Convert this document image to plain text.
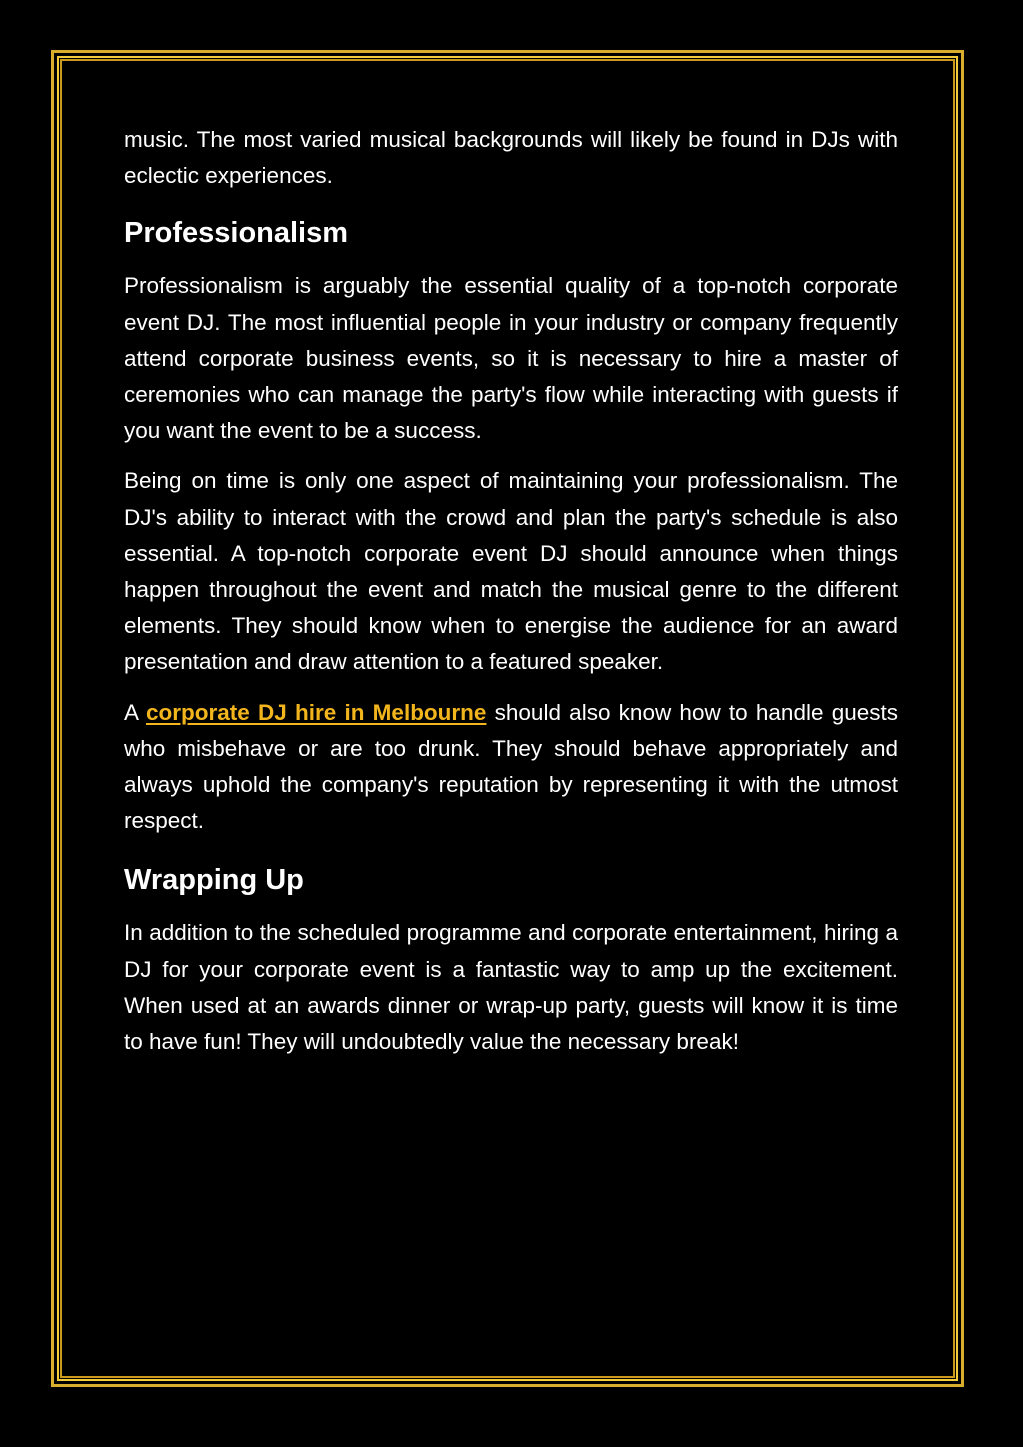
music. The most varied musical backgrounds will likely be found in DJs with eclectic experiences.

Professionalism

Professionalism is arguably the essential quality of a top-notch corporate event DJ. The most influential people in your industry or company frequently attend corporate business events, so it is necessary to hire a master of ceremonies who can manage the party's flow while interacting with guests if you want the event to be a success.

Being on time is only one aspect of maintaining your professionalism. The DJ's ability to interact with the crowd and plan the party's schedule is also essential. A top-notch corporate event DJ should announce when things happen throughout the event and match the musical genre to the different elements. They should know when to energise the audience for an award presentation and draw attention to a featured speaker.

A corporate DJ hire in Melbourne should also know how to handle guests who misbehave or are too drunk. They should behave appropriately and always uphold the company's reputation by representing it with the utmost respect.

Wrapping Up

In addition to the scheduled programme and corporate entertainment, hiring a DJ for your corporate event is a fantastic way to amp up the excitement. When used at an awards dinner or wrap-up party, guests will know it is time to have fun! They will undoubtedly value the necessary break!
